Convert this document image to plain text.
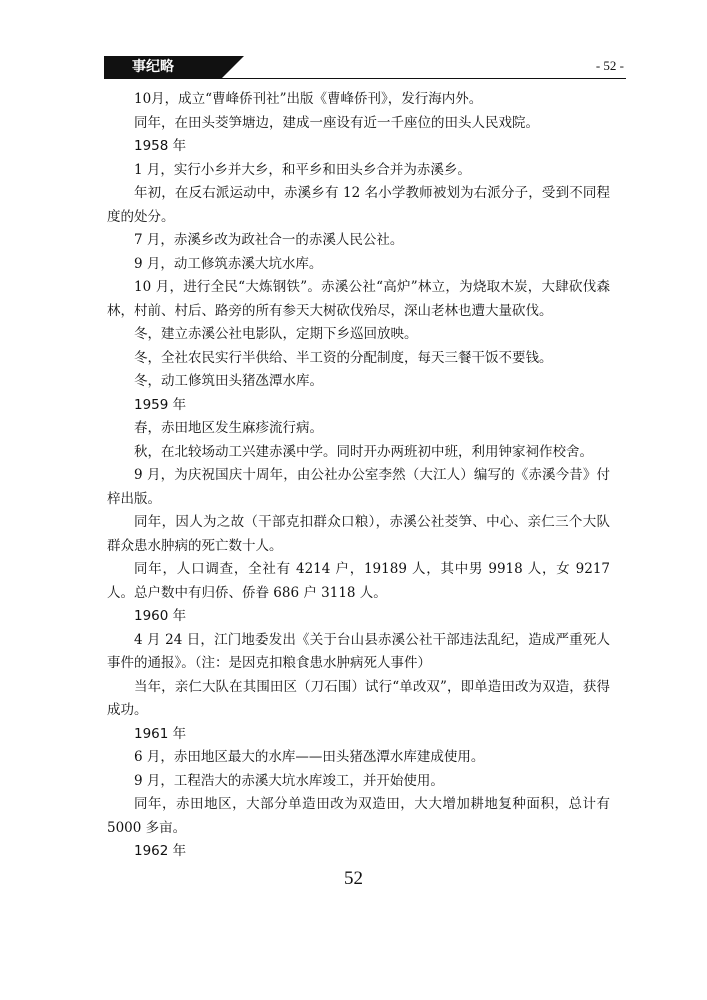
事纪略	- 52 -

10月，成立“曹峰侨刊社”出版《曹峰侨刊》，发行海内外。

同年，在田头茭笋塘边，建成一座设有近一千座位的田头人民戏院。

1958 年

1 月，实行小乡并大乡，和平乡和田头乡合并为赤溪乡。

年初，在反右派运动中，赤溪乡有 12 名小学教师被划为右派分子，受到不同程度的处分。

7 月，赤溪乡改为政社合一的赤溪人民公社。

9 月，动工修筑赤溪大坑水库。

10 月，进行全民“大炼钢铁”。赤溪公社“高炉”林立，为烧取木炭，大肆砍伐森林，村前、村后、路旁的所有参天大树砍伐殆尽，深山老林也遭大量砍伐。

冬，建立赤溪公社电影队，定期下乡巡回放映。

冬，全社农民实行半供给、半工资的分配制度，每天三餐干饭不要钱。

冬，动工修筑田头猪氹潭水库。

1959 年

春，赤田地区发生麻疹流行病。

秋，在北较场动工兴建赤溪中学。同时开办两班初中班，利用钟家祠作校舍。

9 月，为庆祝国庆十周年，由公社办公室李然（大江人）编写的《赤溪今昔》付梓出版。

同年，因人为之故（干部克扣群众口粮），赤溪公社茭笋、中心、亲仁三个大队群众患水肿病的死亡数十人。

同年，人口调查，全社有 4214 户，19189 人，其中男 9918 人，女 9217 人。总户数中有归侨、侨眷 686 户 3118 人。

1960 年

4 月 24 日，江门地委发出《关于台山县赤溪公社干部违法乱纪，造成严重死人事件的通报》。（注：是因克扣粮食患水肿病死人事件）

当年，亲仁大队在其围田区（刀石围）试行“单改双”，即单造田改为双造，获得成功。

1961 年

6 月，赤田地区最大的水库——田头猪氹潭水库建成使用。

9 月，工程浩大的赤溪大坑水库竣工，并开始使用。

同年，赤田地区，大部分单造田改为双造田，大大增加耕地复种面积，总计有 5000 多亩。

1962 年

52
